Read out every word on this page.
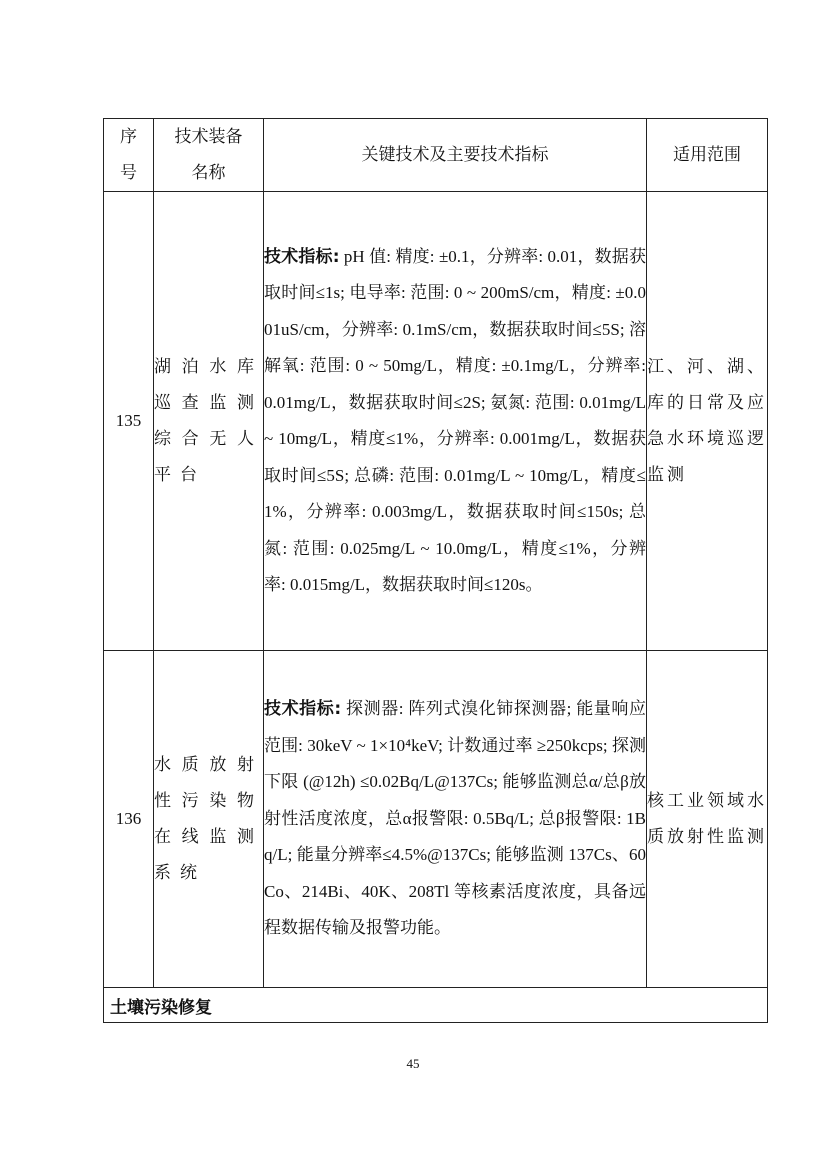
序号	技术装备名称	关键技术及主要技术指标	适用范围
135	湖泊水库巡查监测综合无人平台	技术指标: pH 值: 精度: ±0.1，分辨率: 0.01，数据获取时间≤1s; 电导率: 范围: 0 ~ 200mS/cm，精度: ±0.001uS/cm，分辨率: 0.1mS/cm，数据获取时间≤5S; 溶解氧: 范围: 0 ~ 50mg/L，精度: ±0.1mg/L，分辨率: 0.01mg/L，数据获取时间≤2S; 氨氮: 范围: 0.01mg/L ~ 10mg/L，精度≤1%，分辨率: 0.001mg/L，数据获取时间≤5S; 总磷: 范围: 0.01mg/L ~ 10mg/L，精度≤1%，分辨率: 0.003mg/L，数据获取时间≤150s; 总氮: 范围: 0.025mg/L ~ 10.0mg/L，精度≤1%，分辨率: 0.015mg/L，数据获取时间≤120s。	江、河、湖、库的日常及应急水环境巡逻监测
136	水质放射性污染物在线监测系统	技术指标: 探测器: 阵列式溴化铈探测器; 能量响应范围: 30keV ~ 1×10⁴keV; 计数通过率 ≥250kcps; 探测下限 (@12h) ≤0.02Bq/L@137Cs; 能够监测总α/总β放射性活度浓度，总α报警限: 0.5Bq/L; 总β报警限: 1Bq/L; 能量分辨率≤4.5%@137Cs; 能够监测 137Cs、60Co、214Bi、40K、208Tl 等核素活度浓度，具备远程数据传输及报警功能。	核工业领域水质放射性监测
土壤污染修复			
45
